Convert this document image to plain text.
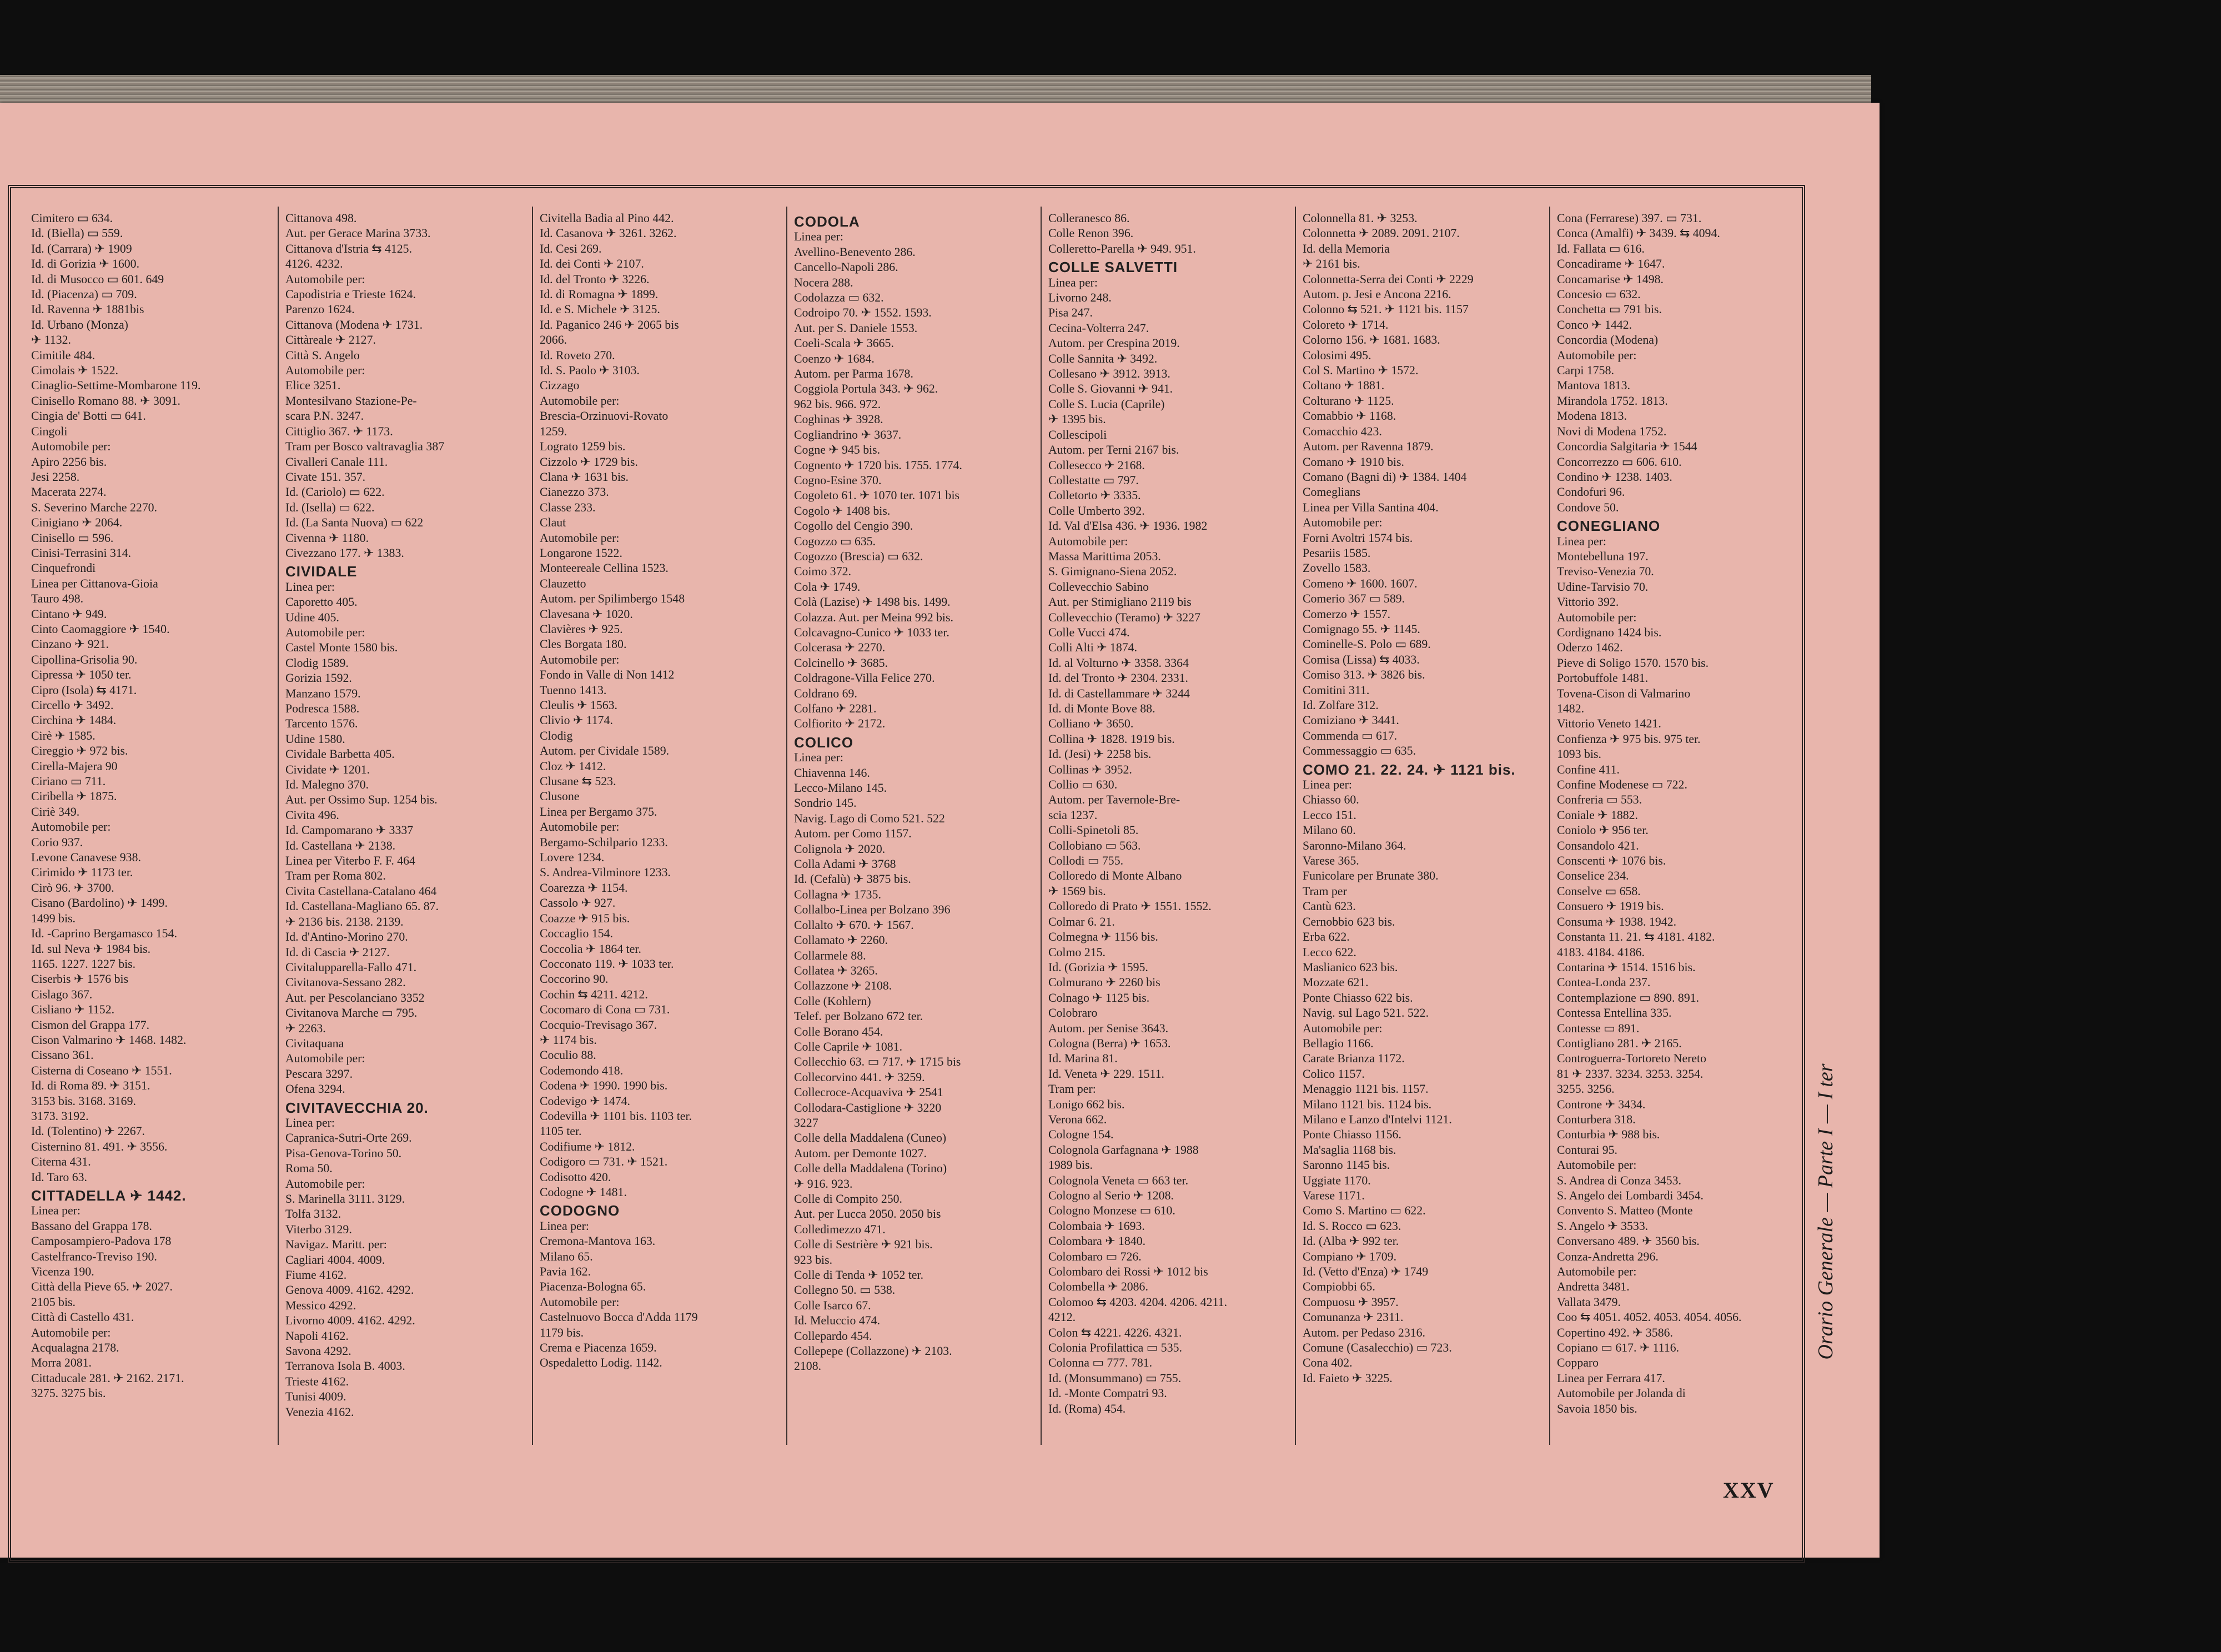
Cimitero ▭ 634.
Id. (Biella) ▭ 559.
Id. (Carrara) ✈ 1909
Id. di Gorizia ✈ 1600.
Id. di Musocco ▭ 601. 649
Id. (Piacenza) ▭ 709.
Id. Ravenna ✈ 1881bis
Id. Urbano (Monza)
✈ 1132.
Cimitile 484.
Cimolais ✈ 1522.
Cinaglio-Settime-Mombarone 119.
Cinisello Romano 88. ✈ 3091.
Cingia de' Botti ▭ 641.
Cingoli
Automobile per:
Apiro 2256 bis.
Jesi 2258.
Macerata 2274.
S. Severino Marche 2270.
Cinigiano ✈ 2064.
Cinisello ▭ 596.
Cinisi-Terrasini 314.
Cinquefrondi
Linea per Cittanova-Gioia
Tauro 498.
Cintano ✈ 949.
Cinto Caomaggiore ✈ 1540.
Cinzano ✈ 921.
Cipollina-Grisolia 90.
Cipressa ✈ 1050 ter.
Cipro (Isola) ⇆ 4171.
Circello ✈ 3492.
Circhina ✈ 1484.
Cirè ✈ 1585.
Cireggio ✈ 972 bis.
Cirella-Majera 90
Ciriano ▭ 711.
Ciribella ✈ 1875.
Ciriè 349.
Automobile per:
Corio 937.
Levone Canavese 938.
Cirimido ✈ 1173 ter.
Cirò 96. ✈ 3700.
Cisano (Bardolino) ✈ 1499.
1499 bis.
Id. -Caprino Bergamasco 154.
Id. sul Neva ✈ 1984 bis.
1165. 1227. 1227 bis.
Ciserbis ✈ 1576 bis
Cislago 367.
Cisliano ✈ 1152.
Cismon del Grappa 177.
Cison Valmarino ✈ 1468. 1482.
Cissano 361.
Cisterna di Coseano ✈ 1551.
Id. di Roma 89. ✈ 3151.
3153 bis. 3168. 3169.
3173. 3192.
Id. (Tolentino) ✈ 2267.
Cisternino 81. 491. ✈ 3556.
Citerna 431.
Id. Taro 63.
CITTADELLA ✈ 1442.
Linea per:
Bassano del Grappa 178.
Camposampiero-Padova 178
Castelfranco-Treviso 190.
Vicenza 190.
Città della Pieve 65. ✈ 2027.
2105 bis.
Città di Castello 431.
Automobile per:
Acqualagna 2178.
Morra 2081.
Cittaducale 281. ✈ 2162. 2171.
3275. 3275 bis.
Cittanova 498.
Aut. per Gerace Marina 3733.
Cittanova d'Istria ⇆ 4125.
4126. 4232.
Automobile per:
Capodistria e Trieste 1624.
Parenzo 1624.
Cittanova (Modena ✈ 1731.
Cittàreale ✈ 2127.
Città S. Angelo
Automobile per:
Elice 3251.
Montesilvano Stazione-Pe-
scara P.N. 3247.
Cittiglio 367. ✈ 1173.
Tram per Bosco valtravaglia 387
Civalleri Canale 111.
Civate 151. 357.
Id. (Cariolo) ▭ 622.
Id. (Isella) ▭ 622.
Id. (La Santa Nuova) ▭ 622
Civenna ✈ 1180.
Civezzano 177. ✈ 1383.
CIVIDALE
Linea per:
Caporetto 405.
Udine 405.
Automobile per:
Castel Monte 1580 bis.
Clodig 1589.
Gorizia 1592.
Manzano 1579.
Podresca 1588.
Tarcento 1576.
Udine 1580.
Cividale Barbetta 405.
Cividate ✈ 1201.
Id. Malegno 370.
Aut. per Ossimo Sup. 1254 bis.
Civita 496.
Id. Campomarano ✈ 3337
Id. Castellana ✈ 2138.
Linea per Viterbo F. F. 464
Tram per Roma 802.
Civita Castellana-Catalano 464
Id. Castellana-Magliano 65. 87.
✈ 2136 bis. 2138. 2139.
Id. d'Antino-Morino 270.
Id. di Cascia ✈ 2127.
Civitalupparella-Fallo 471.
Civitanova-Sessano 282.
Aut. per Pescolanciano 3352
Civitanova Marche ▭ 795.
✈ 2263.
Civitaquana
Automobile per:
Pescara 3297.
Ofena 3294.
CIVITAVECCHIA 20.
Linea per:
Capranica-Sutri-Orte 269.
Pisa-Genova-Torino 50.
Roma 50.
Automobile per:
S. Marinella 3111. 3129.
Tolfa 3132.
Viterbo 3129.
Navigaz. Maritt. per:
Cagliari 4004. 4009.
Fiume 4162.
Genova 4009. 4162. 4292.
Messico 4292.
Livorno 4009. 4162. 4292.
Napoli 4162.
Savona 4292.
Terranova Isola B. 4003.
Trieste 4162.
Tunisi 4009.
Venezia 4162.
Civitella Badia al Pino 442.
Id. Casanova ✈ 3261. 3262.
Id. Cesi 269.
Id. dei Conti ✈ 2107.
Id. del Tronto ✈ 3226.
Id. di Romagna ✈ 1899.
Id. e S. Michele ✈ 3125.
Id. Paganico 246 ✈ 2065 bis
2066.
Id. Roveto 270.
Id. S. Paolo ✈ 3103.
Cizzago
Automobile per:
Brescia-Orzinuovi-Rovato
1259.
Lograto 1259 bis.
Cizzolo ✈ 1729 bis.
Clana ✈ 1631 bis.
Cianezzo 373.
Classe 233.
Claut
Automobile per:
Longarone 1522.
Monteereale Cellina 1523.
Clauzetto
Autom. per Spilimbergo 1548
Clavesana ✈ 1020.
Clavières ✈ 925.
Cles Borgata 180.
Automobile per:
Fondo in Valle di Non 1412
Tuenno 1413.
Cleulis ✈ 1563.
Clivio ✈ 1174.
Clodig
Autom. per Cividale 1589.
Cloz ✈ 1412.
Clusane ⇆ 523.
Clusone
Linea per Bergamo 375.
Automobile per:
Bergamo-Schilpario 1233.
Lovere 1234.
S. Andrea-Vilminore 1233.
Coarezza ✈ 1154.
Cassolo ✈ 927.
Coazze ✈ 915 bis.
Coccaglio 154.
Coccolia ✈ 1864 ter.
Cocconato 119. ✈ 1033 ter.
Coccorino 90.
Cochin ⇆ 4211. 4212.
Cocomaro di Cona ▭ 731.
Cocquio-Trevisago 367.
✈ 1174 bis.
Coculio 88.
Codemondo 418.
Codena ✈ 1990. 1990 bis.
Codevigo ✈ 1474.
Codevilla ✈ 1101 bis. 1103 ter.
1105 ter.
Codifiume ✈ 1812.
Codigoro ▭ 731. ✈ 1521.
Codisotto 420.
Codogne ✈ 1481.
CODOGNO
Linea per:
Cremona-Mantova 163.
Milano 65.
Pavia 162.
Piacenza-Bologna 65.
Automobile per:
Castelnuovo Bocca d'Adda 1179
1179 bis.
Crema e Piacenza 1659.
Ospedaletto Lodig. 1142.
CODOLA
Linea per:
Avellino-Benevento 286.
Cancello-Napoli 286.
Nocera 288.
Codolazza ▭ 632.
Codroipo 70. ✈ 1552. 1593.
Aut. per S. Daniele 1553.
Coeli-Scala ✈ 3665.
Coenzo ✈ 1684.
Autom. per Parma 1678.
Coggiola Portula 343. ✈ 962.
962 bis. 966. 972.
Coghinas ✈ 3928.
Cogliandrino ✈ 3637.
Cogne ✈ 945 bis.
Cognento ✈ 1720 bis. 1755. 1774.
Cogno-Esine 370.
Cogoleto 61. ✈ 1070 ter. 1071 bis
Cogolo ✈ 1408 bis.
Cogollo del Cengio 390.
Cogozzo ▭ 635.
Cogozzo (Brescia) ▭ 632.
Coimo 372.
Cola ✈ 1749.
Colà (Lazise) ✈ 1498 bis. 1499.
Colazza. Aut. per Meina 992 bis.
Colcavagno-Cunico ✈ 1033 ter.
Colcerasa ✈ 2270.
Colcinello ✈ 3685.
Coldragone-Villa Felice 270.
Coldrano 69.
Colfano ✈ 2281.
Colfiorito ✈ 2172.
COLICO
Linea per:
Chiavenna 146.
Lecco-Milano 145.
Sondrio 145.
Navig. Lago di Como 521. 522
Autom. per Como 1157.
Colignola ✈ 2020.
Colla Adami ✈ 3768
Id. (Cefalù) ✈ 3875 bis.
Collagna ✈ 1735.
Collalbo-Linea per Bolzano 396
Collalto ✈ 670. ✈ 1567.
Collamato ✈ 2260.
Collarmele 88.
Collatea ✈ 3265.
Collazzone ✈ 2108.
Colle (Kohlern)
Telef. per Bolzano 672 ter.
Colle Borano 454.
Colle Caprile ✈ 1081.
Collecchio 63. ▭ 717. ✈ 1715 bis
Collecorvino 441. ✈ 3259.
Collecroce-Acquaviva ✈ 2541
Collodara-Castiglione ✈ 3220
3227
Colle della Maddalena (Cuneo)
Autom. per Demonte 1027.
Colle della Maddalena (Torino)
✈ 916. 923.
Colle di Compito 250.
Aut. per Lucca 2050. 2050 bis
Colledimezzo 471.
Colle di Sestrière ✈ 921 bis.
923 bis.
Colle di Tenda ✈ 1052 ter.
Collegno 50. ▭ 538.
Colle Isarco 67.
Id. Meluccio 474.
Collepardo 454.
Collepepe (Collazzone) ✈ 2103.
2108.
Colleranesco 86.
Colle Renon 396.
Colleretto-Parella ✈ 949. 951.
COLLE SALVETTI
Linea per:
Livorno 248.
Pisa 247.
Cecina-Volterra 247.
Autom. per Crespina 2019.
Colle Sannita ✈ 3492.
Collesano ✈ 3912. 3913.
Colle S. Giovanni ✈ 941.
Colle S. Lucia (Caprile)
✈ 1395 bis.
Collescipoli
Autom. per Terni 2167 bis.
Collesecco ✈ 2168.
Collestatte ▭ 797.
Colletorto ✈ 3335.
Colle Umberto 392.
Id. Val d'Elsa 436. ✈ 1936. 1982
Automobile per:
Massa Marittima 2053.
S. Gimignano-Siena 2052.
Collevecchio Sabino
Aut. per Stimigliano 2119 bis
Collevecchio (Teramo) ✈ 3227
Colle Vucci 474.
Colli Alti ✈ 1874.
Id. al Volturno ✈ 3358. 3364
Id. del Tronto ✈ 2304. 2331.
Id. di Castellammare ✈ 3244
Id. di Monte Bove 88.
Colliano ✈ 3650.
Collina ✈ 1828. 1919 bis.
Id. (Jesi) ✈ 2258 bis.
Collinas ✈ 3952.
Collio ▭ 630.
Autom. per Tavernole-Bre-
scia 1237.
Colli-Spinetoli 85.
Collobiano ▭ 563.
Collodi ▭ 755.
Colloredo di Monte Albano
✈ 1569 bis.
Colloredo di Prato ✈ 1551. 1552.
Colmar 6. 21.
Colmegna ✈ 1156 bis.
Colmo 215.
Id. (Gorizia ✈ 1595.
Colmurano ✈ 2260 bis
Colnago ✈ 1125 bis.
Colobraro
Autom. per Senise 3643.
Cologna (Berra) ✈ 1653.
Id. Marina 81.
Id. Veneta ✈ 229. 1511.
Tram per:
Lonigo 662 bis.
Verona 662.
Cologne 154.
Colognola Garfagnana ✈ 1988
1989 bis.
Colognola Veneta ▭ 663 ter.
Cologno al Serio ✈ 1208.
Cologno Monzese ▭ 610.
Colombaia ✈ 1693.
Colombara ✈ 1840.
Colombaro ▭ 726.
Colombaro dei Rossi ✈ 1012 bis
Colombella ✈ 2086.
Colomoo ⇆ 4203. 4204. 4206. 4211.
4212.
Colon ⇆ 4221. 4226. 4321.
Colonia Profilattica ▭ 535.
Colonna ▭ 777. 781.
Id. (Monsummano) ▭ 755.
Id. -Monte Compatri 93.
Id. (Roma) 454.
Colonnella 81. ✈ 3253.
Colonnetta ✈ 2089. 2091. 2107.
Id. della Memoria
✈ 2161 bis.
Colonnetta-Serra dei Conti ✈ 2229
Autom. p. Jesi e Ancona 2216.
Colonno ⇆ 521. ✈ 1121 bis. 1157
Coloreto ✈ 1714.
Colorno 156. ✈ 1681. 1683.
Colosimi 495.
Col S. Martino ✈ 1572.
Coltano ✈ 1881.
Colturano ✈ 1125.
Comabbio ✈ 1168.
Comacchio 423.
Autom. per Ravenna 1879.
Comano ✈ 1910 bis.
Comano (Bagni di) ✈ 1384. 1404
Comeglians
Linea per Villa Santina 404.
Automobile per:
Forni Avoltri 1574 bis.
Pesariis 1585.
Zovello 1583.
Comeno ✈ 1600. 1607.
Comerio 367 ▭ 589.
Comerzo ✈ 1557.
Comignago 55. ✈ 1145.
Cominelle-S. Polo ▭ 689.
Comisa (Lissa) ⇆ 4033.
Comiso 313. ✈ 3826 bis.
Comitini 311.
Id. Zolfare 312.
Comiziano ✈ 3441.
Commenda ▭ 617.
Commessaggio ▭ 635.
COMO 21. 22. 24. ✈ 1121 bis.
Linea per:
Chiasso 60.
Lecco 151.
Milano 60.
Saronno-Milano 364.
Varese 365.
Funicolare per Brunate 380.
Tram per
Cantù 623.
Cernobbio 623 bis.
Erba 622.
Lecco 622.
Maslianico 623 bis.
Mozzate 621.
Ponte Chiasso 622 bis.
Navig. sul Lago 521. 522.
Automobile per:
Bellagio 1166.
Carate Brianza 1172.
Colico 1157.
Menaggio 1121 bis. 1157.
Milano 1121 bis. 1124 bis.
Milano e Lanzo d'Intelvi 1121.
Ponte Chiasso 1156.
Ma'saglia 1168 bis.
Saronno 1145 bis.
Uggiate 1170.
Varese 1171.
Como S. Martino ▭ 622.
Id. S. Rocco ▭ 623.
Id. (Alba ✈ 992 ter.
Compiano ✈ 1709.
Id. (Vetto d'Enza) ✈ 1749
Compiobbi 65.
Compuosu ✈ 3957.
Comunanza ✈ 2311.
Autom. per Pedaso 2316.
Comune (Casalecchio) ▭ 723.
Cona 402.
Id. Faieto ✈ 3225.
Cona (Ferrarese) 397. ▭ 731.
Conca (Amalfi) ✈ 3439. ⇆ 4094.
Id. Fallata ▭ 616.
Concadirame ✈ 1647.
Concamarise ✈ 1498.
Concesio ▭ 632.
Conchetta ▭ 791 bis.
Conco ✈ 1442.
Concordia (Modena)
Automobile per:
Carpi 1758.
Mantova 1813.
Mirandola 1752. 1813.
Modena 1813.
Novi di Modena 1752.
Concordia Salgitaria ✈ 1544
Concorrezzo ▭ 606. 610.
Condino ✈ 1238. 1403.
Condofuri 96.
Condove 50.
CONEGLIANO
Linea per:
Montebelluna 197.
Treviso-Venezia 70.
Udine-Tarvisio 70.
Vittorio 392.
Automobile per:
Cordignano 1424 bis.
Oderzo 1462.
Pieve di Soligo 1570. 1570 bis.
Portobuffole 1481.
Tovena-Cison di Valmarino
1482.
Vittorio Veneto 1421.
Confienza ✈ 975 bis. 975 ter.
1093 bis.
Confine 411.
Confine Modenese ▭ 722.
Confreria ▭ 553.
Coniale ✈ 1882.
Coniolo ✈ 956 ter.
Consandolo 421.
Conscenti ✈ 1076 bis.
Conselice 234.
Conselve ▭ 658.
Consuero ✈ 1919 bis.
Consuma ✈ 1938. 1942.
Constanta 11. 21. ⇆ 4181. 4182.
4183. 4184. 4186.
Contarina ✈ 1514. 1516 bis.
Contea-Londa 237.
Contemplazione ▭ 890. 891.
Contessa Entellina 335.
Contesse ▭ 891.
Contigliano 281. ✈ 2165.
Controguerra-Tortoreto Nereto
81 ✈ 2337. 3234. 3253. 3254.
3255. 3256.
Controne ✈ 3434.
Conturbera 318.
Conturbia ✈ 988 bis.
Conturai 95.
Automobile per:
S. Andrea di Conza 3453.
S. Angelo dei Lombardi 3454.
Convento S. Matteo (Monte
S. Angelo ✈ 3533.
Conversano 489. ✈ 3560 bis.
Conza-Andretta 296.
Automobile per:
Andretta 3481.
Vallata 3479.
Coo ⇆ 4051. 4052. 4053. 4054. 4056.
Copertino 492. ✈ 3586.
Copiano ▭ 617. ✈ 1116.
Copparo
Linea per Ferrara 417.
Automobile per Jolanda di
Savoia 1850 bis.
Orario Generale — Parte I — I ter
XXV
